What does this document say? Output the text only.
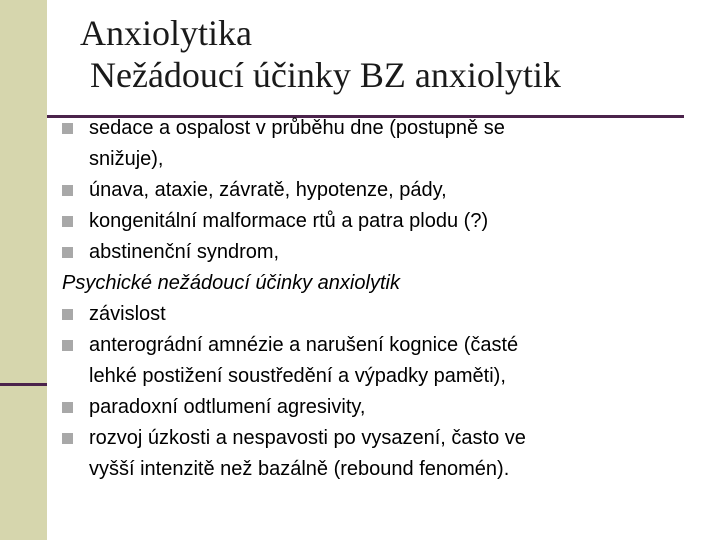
Anxiolytika
Nežádoucí účinky BZ anxiolytik
sedace a ospalost v průběhu dne (postupně se
snižuje),
únava, ataxie, závratě, hypotenze, pády,
kongenitální malformace rtů a patra plodu (?)
abstinenční syndrom,
Psychické nežádoucí účinky anxiolytik
závislost
anterográdní amnézie a narušení kognice (časté
lehké postižení soustředění a výpadky paměti),
paradoxní odtlumení agresivity,
rozvoj úzkosti a nespavosti po vysazení, často ve
vyšší intenzitě než bazálně (rebound fenomén).
